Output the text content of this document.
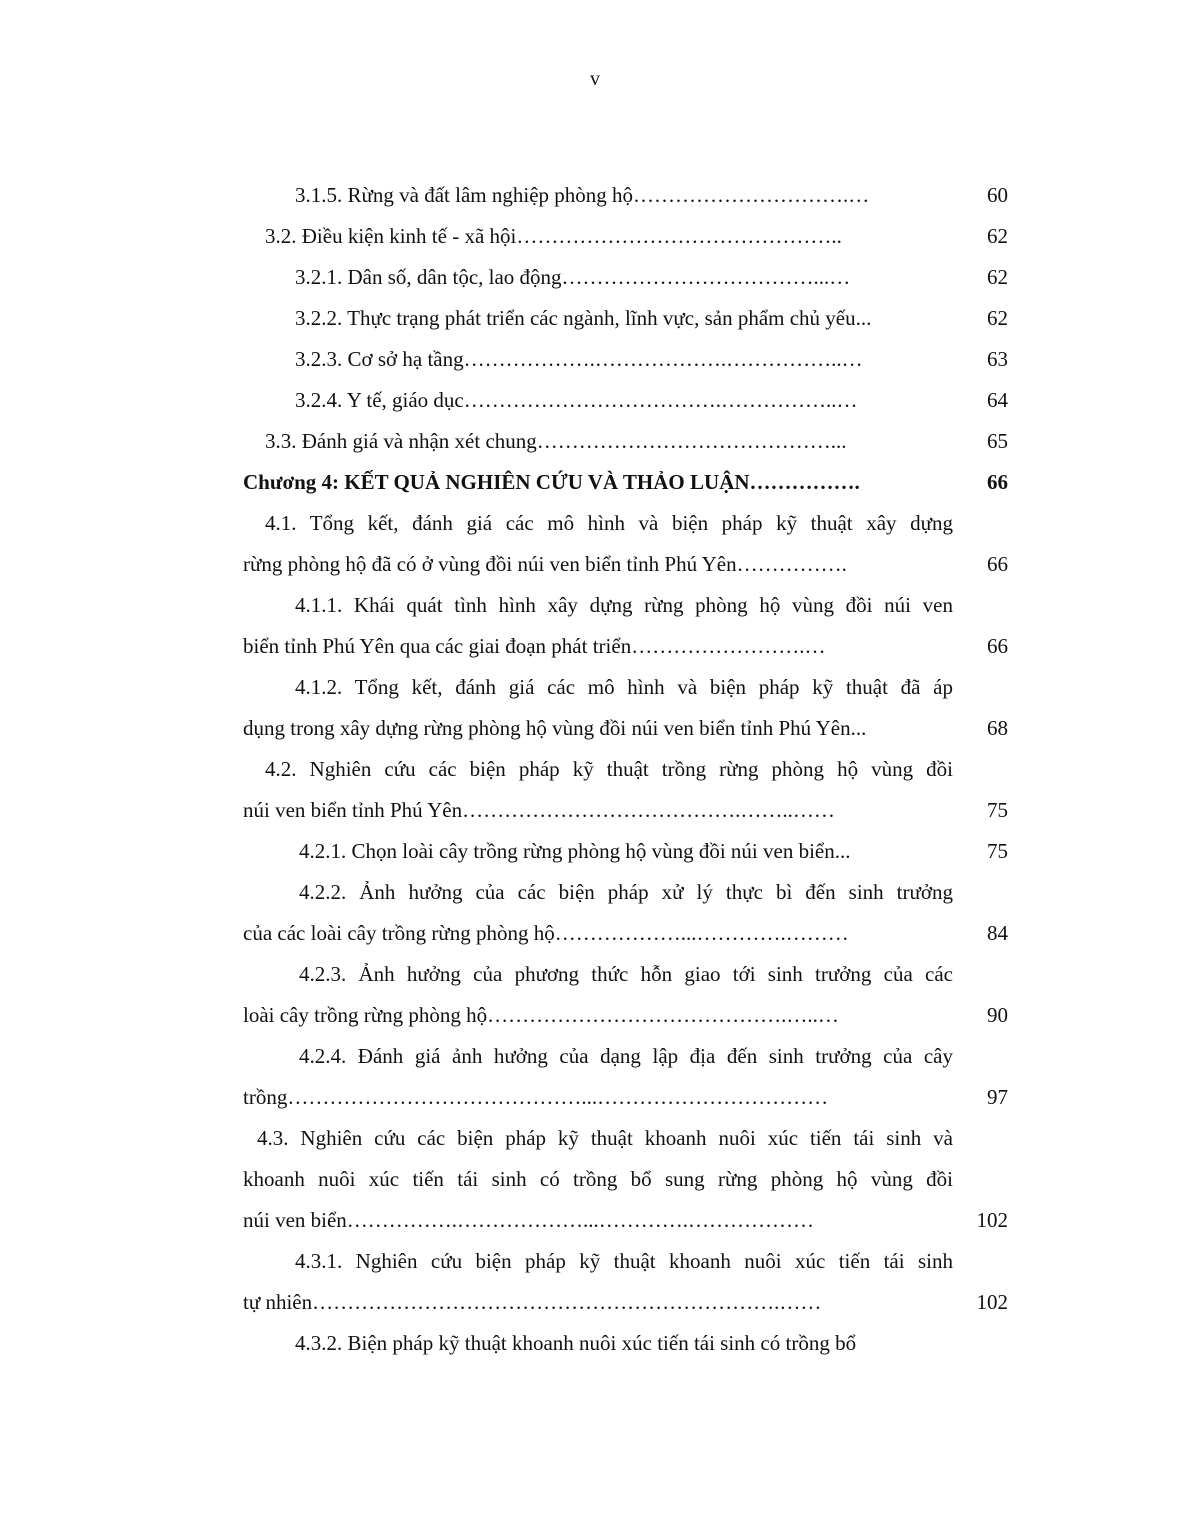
v
3.1.5. Rừng và đất lâm nghiệp phòng hộ………………………….…	60
3.2. Điều kiện kinh tế - xã hội………………………………………..	62
3.2.1. Dân số, dân tộc, lao động………………………………...…	62
3.2.2. Thực trạng phát triển các ngành, lĩnh vực, sản phẩm chủ yếu...	62
3.2.3. Cơ sở hạ tầng……………….……………….……………..…	63
3.2.4. Y tế, giáo dục……………………………….……………..…	64
3.3. Đánh giá và nhận xét chung……………………………………...	65
Chương 4: KẾT QUẢ NGHIÊN CỨU VÀ THẢO LUẬN…………….	66
4.1. Tổng kết, đánh giá các mô hình và biện pháp kỹ thuật xây dựng
rừng phòng hộ đã có ở vùng đồi núi ven biển tỉnh Phú Yên…………….	66
4.1.1. Khái quát tình hình xây dựng rừng phòng hộ vùng đồi núi ven
biển tỉnh Phú Yên qua các giai đoạn phát triển…………………….…	66
4.1.2. Tổng kết, đánh giá các mô hình và biện pháp kỹ thuật đã áp
dụng trong xây dựng rừng phòng hộ vùng đồi núi ven biển tỉnh Phú Yên...	68
4.2. Nghiên cứu các biện pháp kỹ thuật trồng rừng phòng hộ vùng đồi
núi ven biển tỉnh Phú Yên………………………………….……..……	75
4.2.1. Chọn loài cây trồng rừng phòng hộ vùng đồi núi ven biển...	75
4.2.2. Ảnh hưởng của các biện pháp xử lý thực bì đến sinh trưởng
của các loài cây trồng rừng phòng hộ………………...………….………	84
4.2.3. Ảnh hưởng của phương thức hỗn giao tới sinh trưởng của các
loài cây trồng rừng phòng hộ…………………………………….…..…	90
4.2.4. Đánh giá ảnh hưởng của dạng lập địa đến sinh trưởng của cây
trồng……………………………………...……………………………	97
4.3. Nghiên cứu các biện pháp kỹ thuật khoanh nuôi xúc tiến tái sinh và
khoanh nuôi xúc tiến tái sinh có trồng bổ sung rừng phòng hộ vùng đồi
núi ven biển…………….………………...………….………………	102
4.3.1. Nghiên cứu biện pháp kỹ thuật khoanh nuôi xúc tiến tái sinh
tự nhiên………………………………………………………….……	102
4.3.2. Biện pháp kỹ thuật khoanh nuôi xúc tiến tái sinh có trồng bổ
